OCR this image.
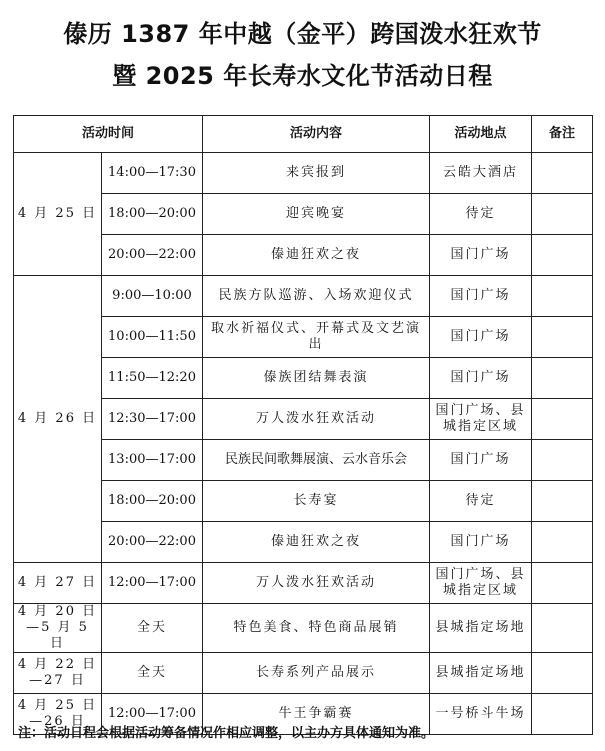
傣历 1387 年中越（金平）跨国泼水狂欢节
暨 2025 年长寿水文化节活动日程
活动时间		活动内容	活动地点	备注
4 月 25 日	14:00—17:30	来宾报到	云皓大酒店	
	18:00—20:00	迎宾晚宴	待定	
	20:00—22:00	傣迪狂欢之夜	国门广场	
4 月 26 日	9:00—10:00	民族方队巡游、入场欢迎仪式	国门广场	
	10:00—11:50	取水祈福仪式、开幕式及文艺演出	国门广场	
	11:50—12:20	傣族团结舞表演	国门广场	
	12:30—17:00	万人泼水狂欢活动	国门广场、县城指定区域	
	13:00—17:00	民族民间歌舞展演、云水音乐会	国门广场	
	18:00—20:00	长寿宴	待定	
	20:00—22:00	傣迪狂欢之夜	国门广场	
4 月 27 日	12:00—17:00	万人泼水狂欢活动	国门广场、县城指定区域	
4 月 20 日—5 月 5 日	全天	特色美食、特色商品展销	县城指定场地	
4 月 22 日—27 日	全天	长寿系列产品展示	县城指定场地	
4 月 25 日—26 日	12:00—17:00	牛王争霸赛	一号桥斗牛场	
注：活动日程会根据活动筹备情况作相应调整，以主办方具体通知为准。
